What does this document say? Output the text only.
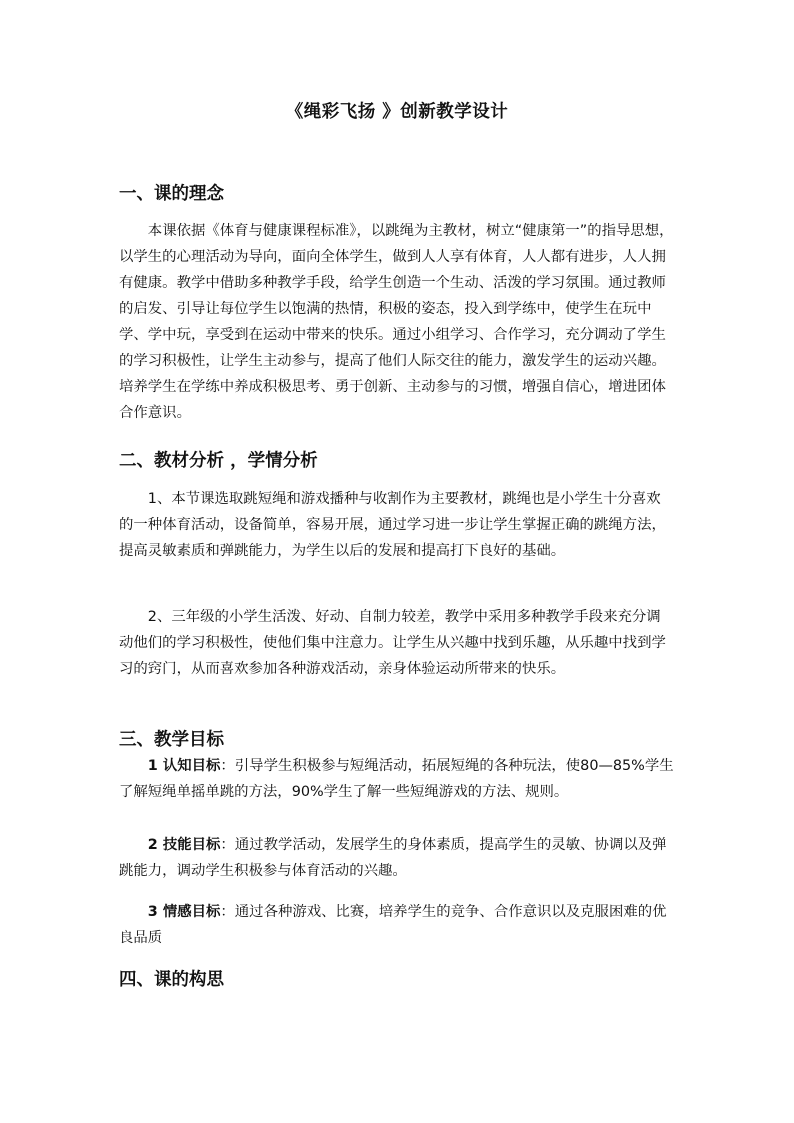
《绳彩飞扬 》创新教学设计
一、课的理念
本课依据《体育与健康课程标准》，以跳绳为主教材，树立“健康第一”的指导思想，以学生的心理活动为导向，面向全体学生，做到人人享有体育，人人都有进步，人人拥有健康。教学中借助多种教学手段，给学生创造一个生动、活泼的学习氛围。通过教师的启发、引导让每位学生以饱满的热情，积极的姿态，投入到学练中，使学生在玩中学、学中玩，享受到在运动中带来的快乐。通过小组学习、合作学习，充分调动了学生的学习积极性，让学生主动参与，提高了他们人际交往的能力，激发学生的运动兴趣。培养学生在学练中养成积极思考、勇于创新、主动参与的习惯，增强自信心，增进团体合作意识。
二、教材分析 ，学情分析
1、本节课选取跳短绳和游戏播种与收割作为主要教材，跳绳也是小学生十分喜欢的一种体育活动，设备简单，容易开展，通过学习进一步让学生掌握正确的跳绳方法，提高灵敏素质和弹跳能力，为学生以后的发展和提高打下良好的基础。
2、三年级的小学生活泼、好动、自制力较差，教学中采用多种教学手段来充分调动他们的学习积极性，使他们集中注意力。让学生从兴趣中找到乐趣，从乐趣中找到学习的窍门，从而喜欢参加各种游戏活动，亲身体验运动所带来的快乐。
三、教学目标
1 认知目标：引导学生积极参与短绳活动，拓展短绳的各种玩法，使80—85%学生了解短绳单摇单跳的方法，90%学生了解一些短绳游戏的方法、规则。
2 技能目标：通过教学活动，发展学生的身体素质，提高学生的灵敏、协调以及弹跳能力，调动学生积极参与体育活动的兴趣。
3 情感目标：通过各种游戏、比赛，培养学生的竞争、合作意识以及克服困难的优良品质
四、课的构思
